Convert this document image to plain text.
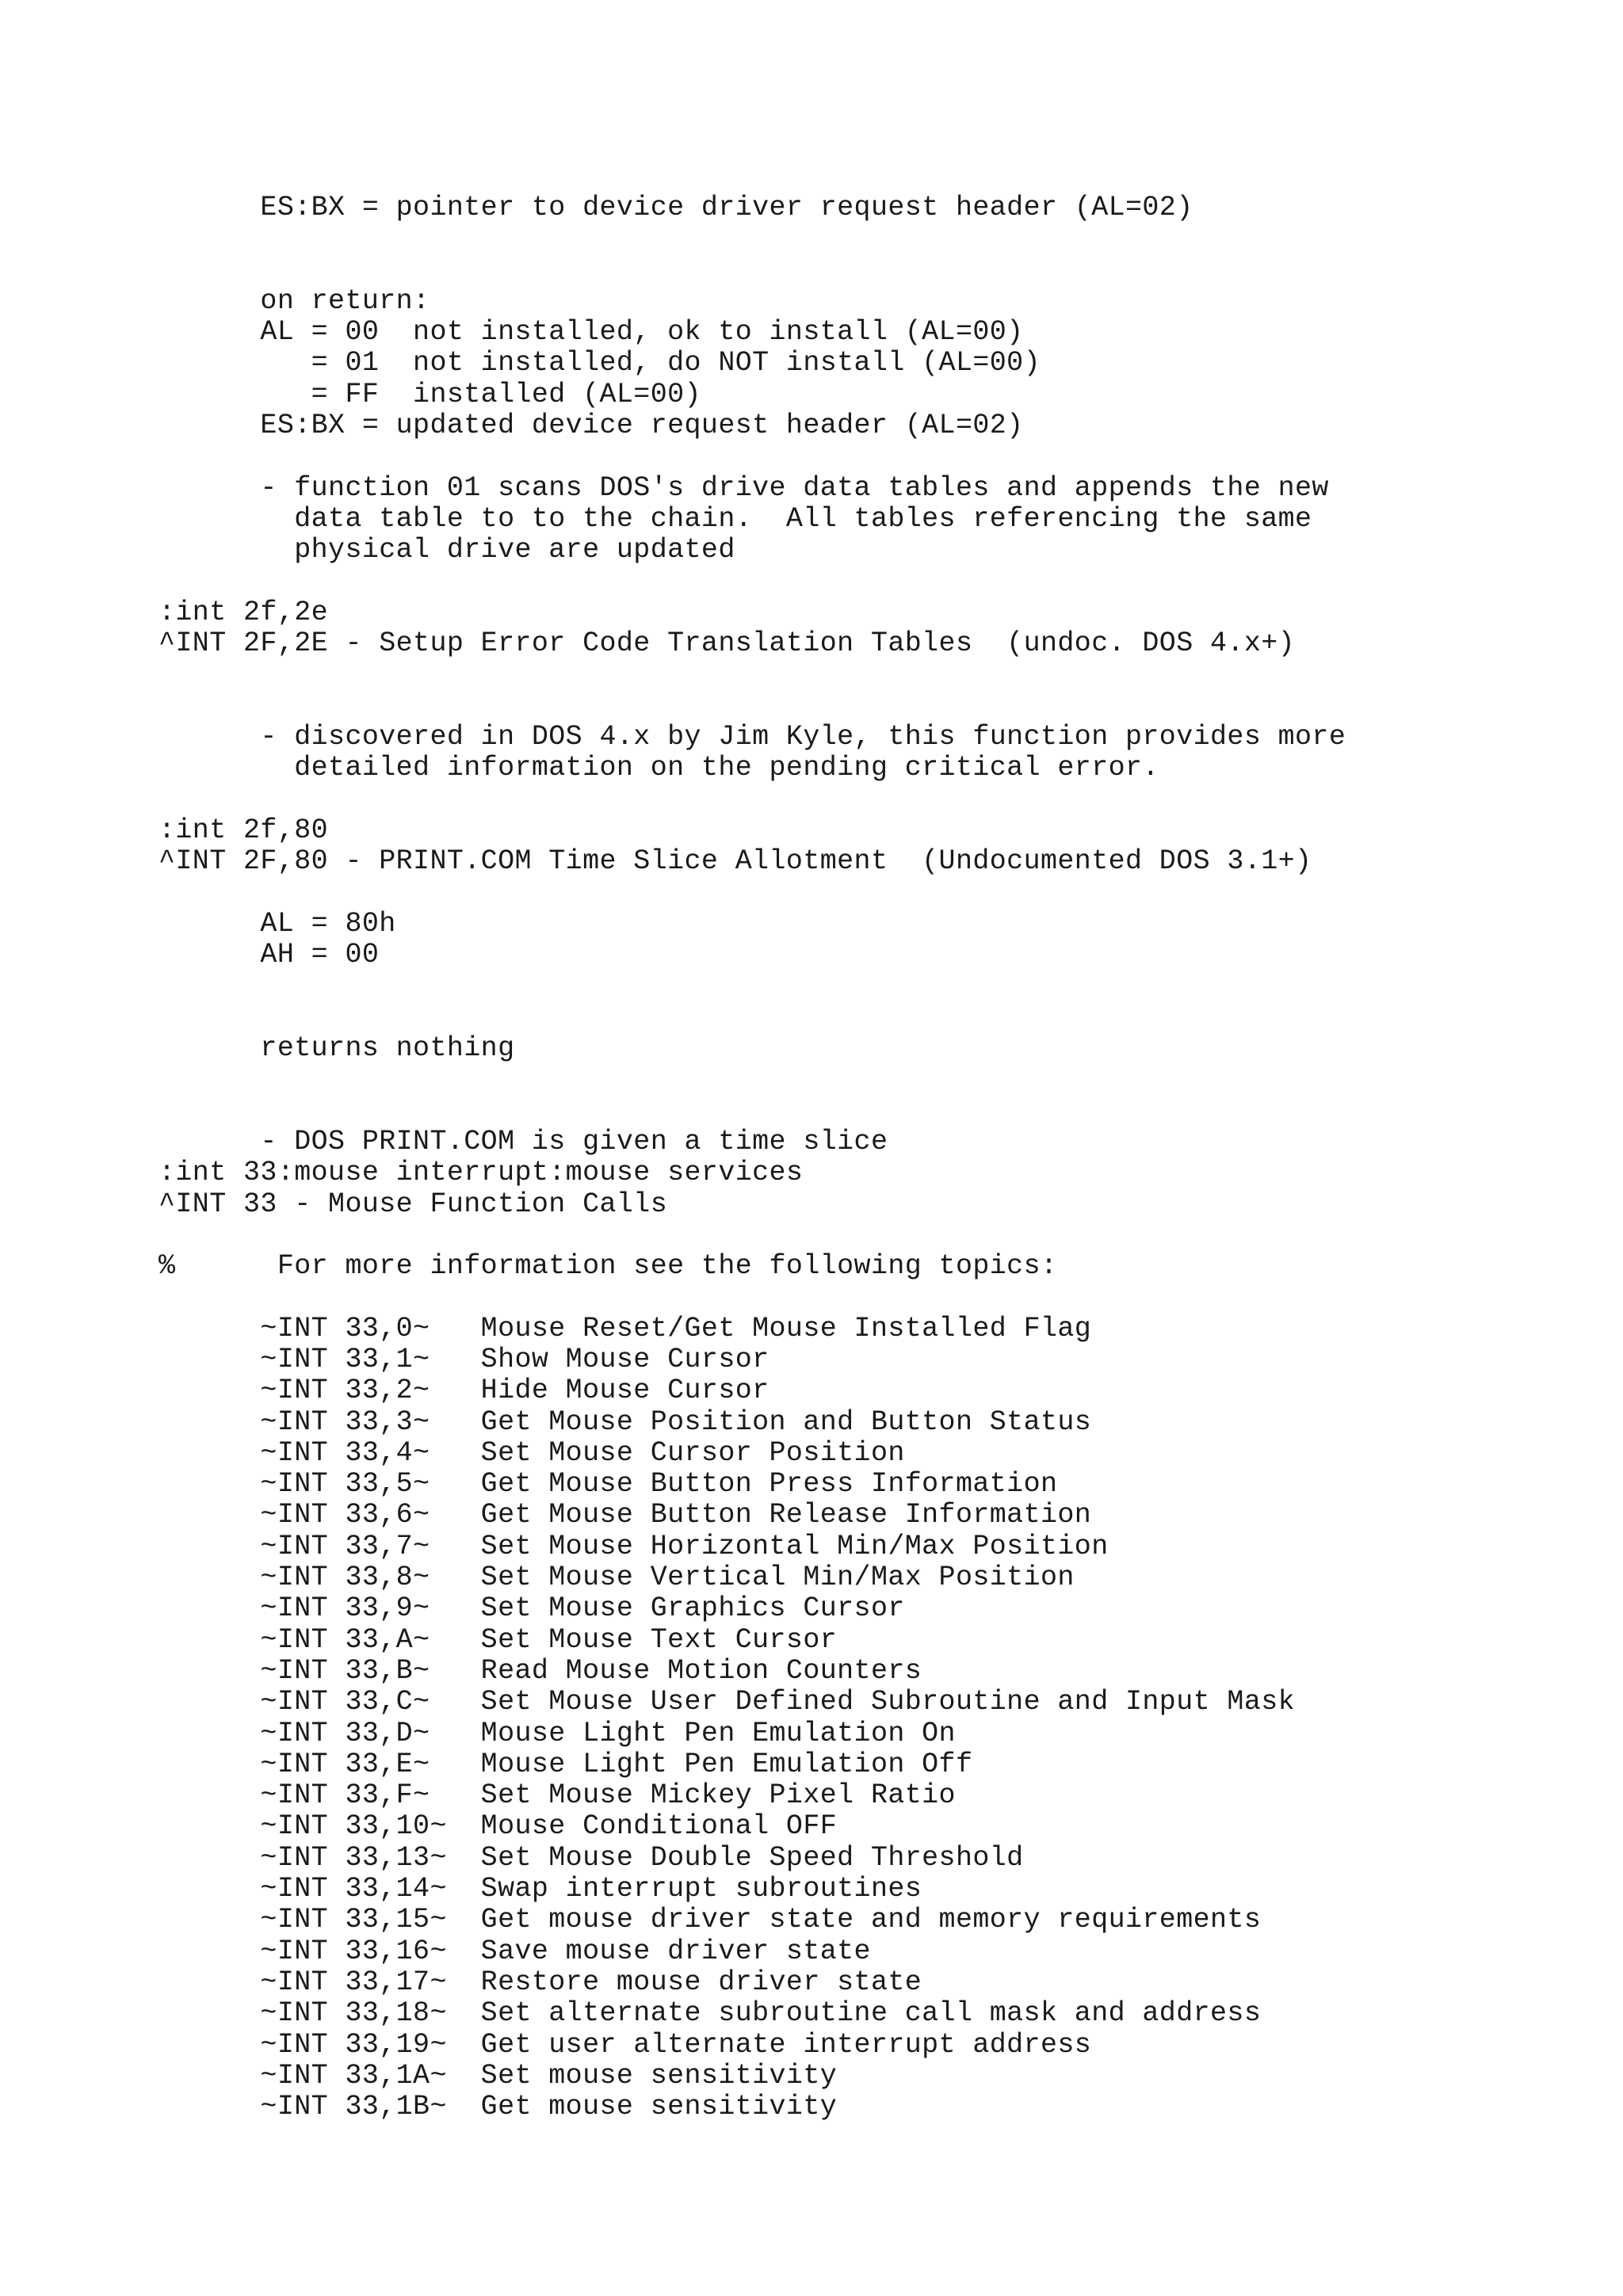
ES:BX = pointer to device driver request header (AL=02)
on return:
AL = 00  not installed, ok to install (AL=00)
= 01  not installed, do NOT install (AL=00)
= FF  installed (AL=00)
ES:BX = updated device request header (AL=02)
- function 01 scans DOS's drive data tables and appends the new
data table to to the chain.  All tables referencing the same
physical drive are updated
:int 2f,2e
^INT 2F,2E - Setup Error Code Translation Tables  (undoc. DOS 4.x+)
- discovered in DOS 4.x by Jim Kyle, this function provides more
detailed information on the pending critical error.
:int 2f,80
^INT 2F,80 - PRINT.COM Time Slice Allotment  (Undocumented DOS 3.1+)
AL = 80h
AH = 00
returns nothing
- DOS PRINT.COM is given a time slice
:int 33:mouse interrupt:mouse services
^INT 33 - Mouse Function Calls
%      For more information see the following topics:
~INT 33,0~   Mouse Reset/Get Mouse Installed Flag
~INT 33,1~   Show Mouse Cursor
~INT 33,2~   Hide Mouse Cursor
~INT 33,3~   Get Mouse Position and Button Status
~INT 33,4~   Set Mouse Cursor Position
~INT 33,5~   Get Mouse Button Press Information
~INT 33,6~   Get Mouse Button Release Information
~INT 33,7~   Set Mouse Horizontal Min/Max Position
~INT 33,8~   Set Mouse Vertical Min/Max Position
~INT 33,9~   Set Mouse Graphics Cursor
~INT 33,A~   Set Mouse Text Cursor
~INT 33,B~   Read Mouse Motion Counters
~INT 33,C~   Set Mouse User Defined Subroutine and Input Mask
~INT 33,D~   Mouse Light Pen Emulation On
~INT 33,E~   Mouse Light Pen Emulation Off
~INT 33,F~   Set Mouse Mickey Pixel Ratio
~INT 33,10~  Mouse Conditional OFF
~INT 33,13~  Set Mouse Double Speed Threshold
~INT 33,14~  Swap interrupt subroutines
~INT 33,15~  Get mouse driver state and memory requirements
~INT 33,16~  Save mouse driver state
~INT 33,17~  Restore mouse driver state
~INT 33,18~  Set alternate subroutine call mask and address
~INT 33,19~  Get user alternate interrupt address
~INT 33,1A~  Set mouse sensitivity
~INT 33,1B~  Get mouse sensitivity
